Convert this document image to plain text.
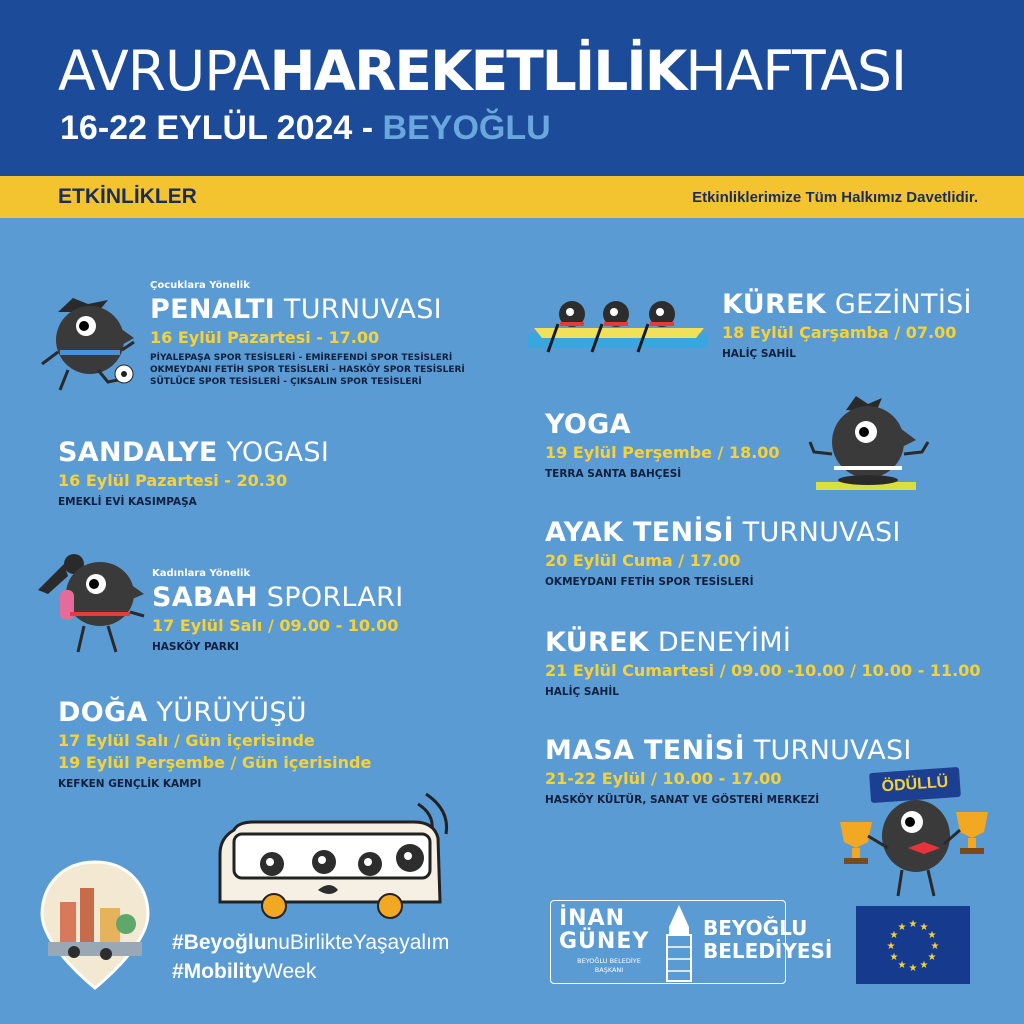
AVRUPAHAREKETLİLİKHAFTASI
16-22 EYLÜL 2024 - BEYOĞLU
ETKİNLİKLER	Etkinliklerimize Tüm Halkımız Davetlidir.
Çocuklara Yönelik
PENALTI TURNUVASI
16 Eylül Pazartesi - 17.00
PİYALEPAŞA SPOR TESİSLERİ - EMİREFENDİ SPOR TESİSLERİ
OKMEYDANI FETİH SPOR TESİSLERİ - HASKÖY SPOR TESİSLERİ
SÜTLÜCE SPOR TESİSLERİ - ÇIKSALIN SPOR TESİSLERİ
SANDALYE YOGASI
16 Eylül Pazartesi - 20.30
EMEKLİ EVİ KASIMPAŞA
Kadınlara Yönelik
SABAH SPORLARI
17 Eylül Salı / 09.00 - 10.00
HASKÖY PARKI
DOĞA YÜRÜYÜŞÜ
17 Eylül Salı / Gün içerisinde
19 Eylül Perşembe / Gün içerisinde
KEFKEN GENÇLİK KAMPI
KÜREK GEZİNTİSİ
18 Eylül Çarşamba / 07.00
HALİÇ SAHİL
YOGA
19 Eylül Perşembe / 18.00
TERRA SANTA BAHÇESİ
AYAK TENİSİ TURNUVASI
20 Eylül Cuma / 17.00
OKMEYDANI FETİH SPOR TESİSLERİ
KÜREK DENEYİMİ
21 Eylül Cumartesi / 09.00 -10.00 / 10.00 - 11.00
HALİÇ SAHİL
MASA TENİSİ TURNUVASI
21-22 Eylül / 10.00 - 17.00
HASKÖY KÜLTÜR, SANAT VE GÖSTERİ MERKEZİ
ÖDÜLLÜ
#BeyoğlunuBirlikteYaşayalım
#MobilityWeek
İNAN
GÜNEY
BEYOĞLU BELEDİYE
BAŞKANI
BEYOĞLU
BELEDİYESİ
★ ★
★
★
★
★
★
★
★
★
★
★
